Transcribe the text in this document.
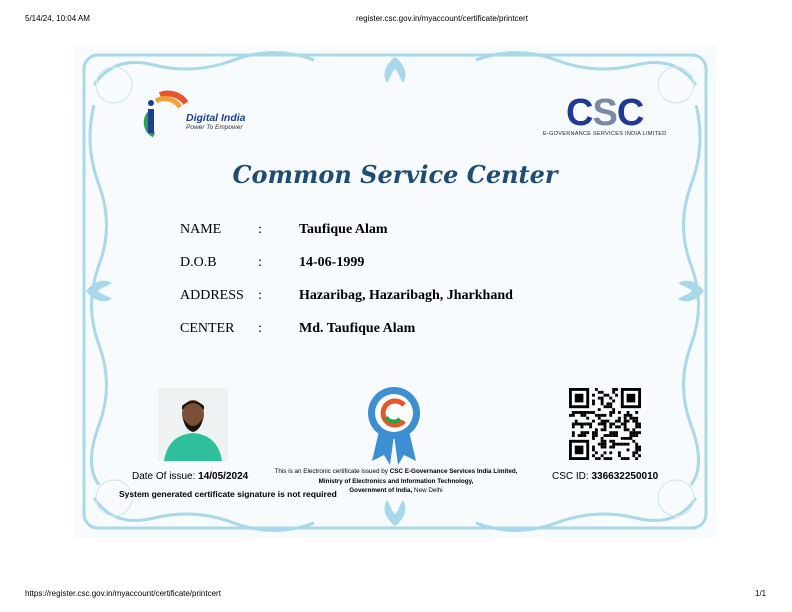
5/14/24, 10:04 AM	register.csc.gov.in/myaccount/certificate/printcert
Digital India
Power To Empower	CSC
E-GOVERNANCE SERVICES INDIA LIMITED
Common Service Center
NAME	:	Taufique Alam
D.O.B	:	14-06-1999
ADDRESS	:	Hazaribag, Hazaribagh, Jharkhand
CENTER	:	Md. Taufique Alam
Date Of issue: 14/05/2024
System generated certificate signature is not required
This is an Electronic certificate issued by CSC E-Governance Services India Limited,
Ministry of Electronics and Information Technology,
Government of India, New Delhi
CSC ID: 336632250010
https://register.csc.gov.in/myaccount/certificate/printcert	1/1
